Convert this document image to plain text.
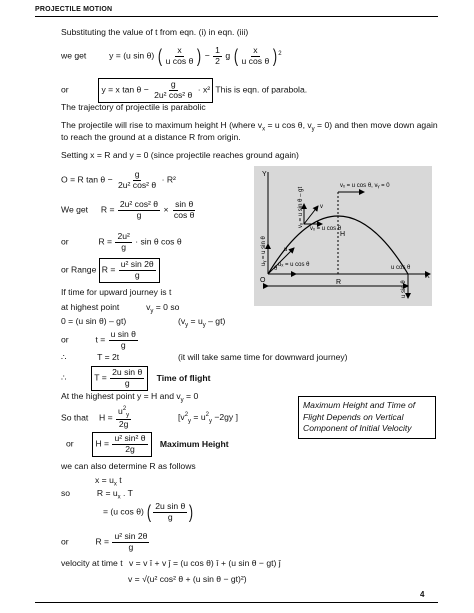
PROJECTILE MOTION
Substituting the value of t from eqn. (i) in eqn. (iii)
we get	y = (u sin θ) ( $\frac{x}{\text{u cos θ}}$ ) − $\frac{1}{2}$ g ( $\frac{x}{\text{u cos θ}} )^2$
or	y = x $\tan \theta - \frac{g}{\text{2u² cos² θ}} \cdot x^2$ This is eqn. of parabola.
The trajectory of projectile is parabolic
The projectile will rise to maximum height H (where $v_x = u$ cos θ, $v_y = 0$) and then move down again
to reach the ground at a distance R from origin.
Setting x = R and y = 0 (since projectile reaches ground again)
O = R $\tan \theta - \frac{g}{\text{2u² cos² θ}} \cdot R^2$
We get $R = \frac{\text{2u² cos² θ}}{g} \times \frac{\text{sin θ}}{\text{cos θ}}$
or	$R = \frac{\text{2u²}}{g} \cdot \sin \theta$ cos θ
or Range $R = \frac{\text{u² sin 2θ}}{g}$
If time for upward journey is t
at highest point	$v_y = 0$ so
0 = (u sin θ) – gt)	$(v_y = u_y - gt)$
or	$t = \frac{\text{u sin θ}}{g}$
∴	T = 2t	(it will take same time for downward journey)
∴	$T = \frac{\text{2u sin θ}}{g}$ Time of flight
At the highest point y = H and $v_y = 0$
So that $H = \frac{u^2_y}{2g}$	[$v^2_y = u^2_y -2gy$ ]
or	$H = \frac{\text{u² sin² θ}}{2g}$ Maximum Height
we can also determine R as follows
$x = u_x$ t
so	$R = u_x$ . T
= (u cos θ) ( $\frac{\text{2u sin θ}}{g}$ )
or	$R = \frac{\text{u² sin 2θ}}{g}$
velocity at time t v = v î + v ĵ = (u cos θ) î + (u sin θ − gt) ĵ
v = √(u² cos² θ + (u sin θ − gt)²)
Y
X
O	R
H
vₓ = u cos θ, vᵧ = 0
u
uₓ = u cos θ	u cos θ
θ
vₓ = u cos θ
v
uᵧ = u sin θ
vᵧ = u sin θ – gt
u sin θ
Maximum Height and Time of Flight Depends on Vertical Component of Initial Velocity
4
